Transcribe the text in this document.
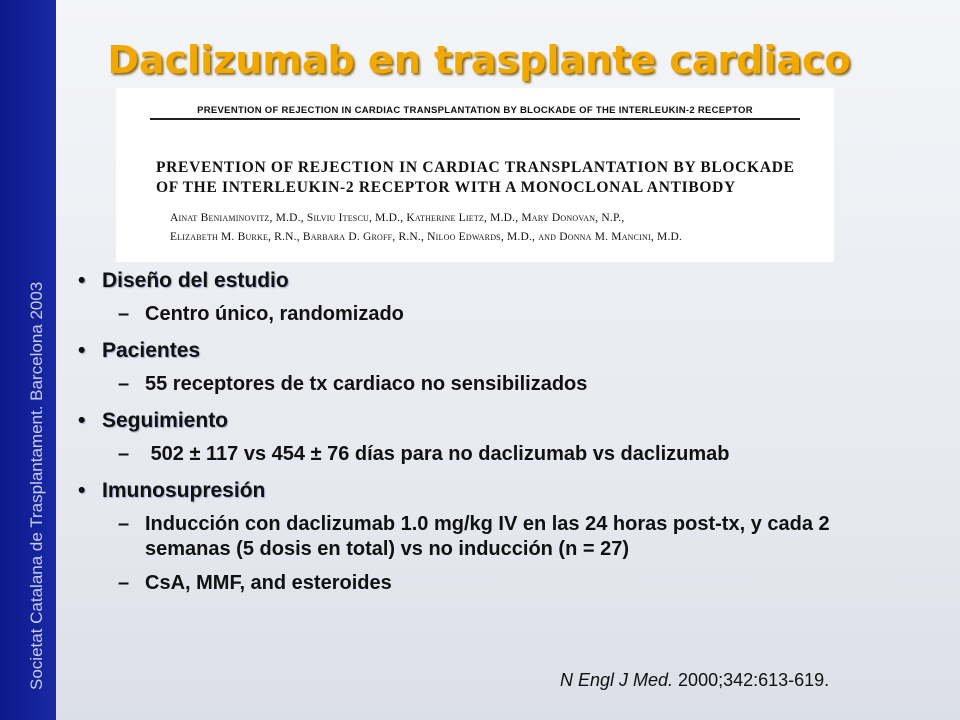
Societat Catalana de Trasplantament. Barcelona 2003
Daclizumab en trasplante cardiaco
PREVENTION OF REJECTION IN CARDIAC TRANSPLANTATION BY BLOCKADE OF THE INTERLEUKIN-2 RECEPTOR
PREVENTION OF REJECTION IN CARDIAC TRANSPLANTATION BY BLOCKADE
OF THE INTERLEUKIN-2 RECEPTOR WITH A MONOCLONAL ANTIBODY
Ainat Beniaminovitz, M.D., Silviu Itescu, M.D., Katherine Lietz, M.D., Mary Donovan, N.P.,
Elizabeth M. Burke, R.N., Barbara D. Groff, R.N., Niloo Edwards, M.D., and Donna M. Mancini, M.D.
• Diseño del estudio
– Centro único, randomizado
• Pacientes
– 55 receptores de tx cardiaco no sensibilizados
• Seguimiento
– 502 ± 117 vs 454 ± 76 días para no daclizumab vs daclizumab
• Imunosupresión
– Inducción con daclizumab 1.0 mg/kg IV en las 24 horas post-tx, y cada 2 semanas (5 dosis en total) vs no inducción (n = 27)
– CsA, MMF, and esteroides
N Engl J Med. 2000;342:613-619.
